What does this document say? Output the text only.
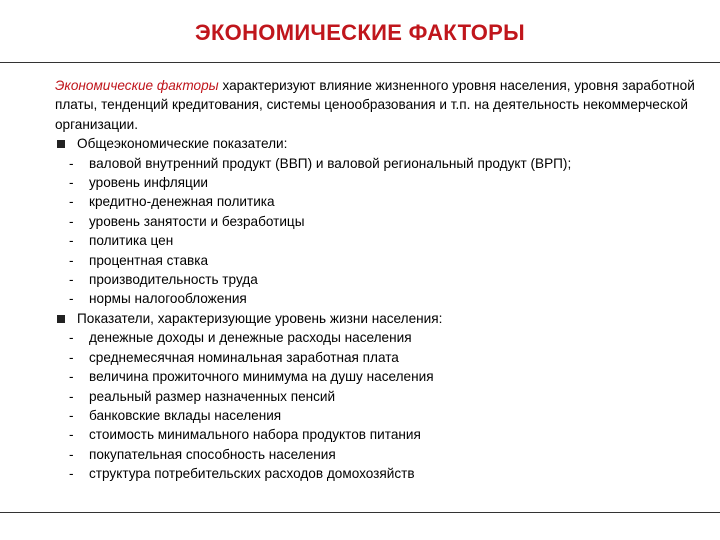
ЭКОНОМИЧЕСКИЕ ФАКТОРЫ

Экономические факторы характеризуют влияние жизненного уровня населения, уровня заработной платы, тенденций кредитования, системы ценообразования и т.п. на деятельность некоммерческой организации.

Общеэкономические показатели:
- валовой внутренний продукт (ВВП) и валовой региональный продукт (ВРП);
- уровень инфляции
- кредитно-денежная политика
- уровень занятости и безработицы
- политика цен
- процентная ставка
- производительность труда
- нормы налогообложения
Показатели, характеризующие уровень жизни населения:
- денежные доходы и денежные расходы населения
- среднемесячная номинальная заработная плата
- величина прожиточного минимума на душу населения
- реальный размер назначенных пенсий
- банковские вклады населения
- стоимость минимального набора продуктов питания
- покупательная способность населения
- структура потребительских расходов домохозяйств
